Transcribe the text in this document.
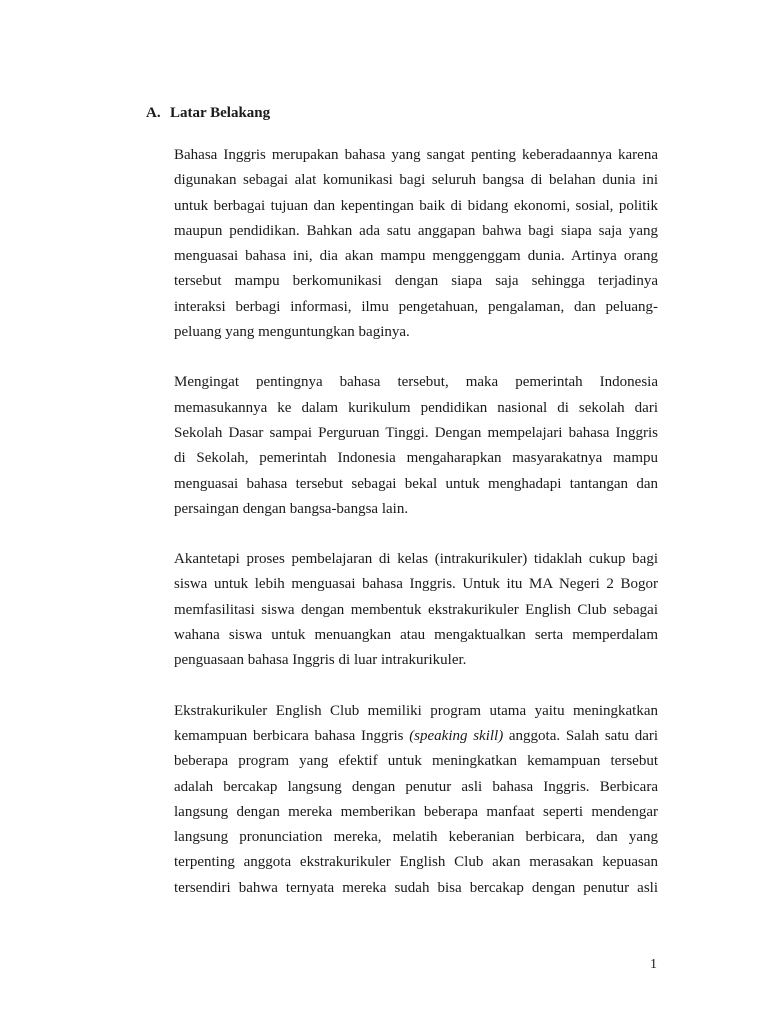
A. Latar Belakang
Bahasa Inggris merupakan bahasa yang sangat penting keberadaannya karena
digunakan sebagai alat komunikasi bagi seluruh bangsa di belahan dunia ini
untuk berbagai tujuan dan kepentingan baik di bidang ekonomi, sosial, politik
maupun pendidikan. Bahkan ada satu anggapan bahwa bagi siapa saja yang
menguasai bahasa ini, dia akan mampu menggenggam dunia. Artinya orang
tersebut mampu berkomunikasi dengan siapa saja sehingga terjadinya
interaksi berbagi informasi, ilmu pengetahuan, pengalaman, dan peluang-
peluang yang menguntungkan baginya.
Mengingat pentingnya bahasa tersebut, maka pemerintah Indonesia
memasukannya ke dalam kurikulum pendidikan nasional di sekolah dari
Sekolah Dasar sampai Perguruan Tinggi. Dengan mempelajari bahasa Inggris
di Sekolah, pemerintah Indonesia mengaharapkan masyarakatnya mampu
menguasai bahasa tersebut sebagai bekal untuk menghadapi tantangan dan
persaingan dengan bangsa-bangsa lain.
Akantetapi proses pembelajaran di kelas (intrakurikuler) tidaklah cukup bagi
siswa untuk lebih menguasai bahasa Inggris. Untuk itu MA Negeri 2 Bogor
memfasilitasi siswa dengan membentuk ekstrakurikuler English Club sebagai
wahana siswa untuk menuangkan atau mengaktualkan serta memperdalam
penguasaan bahasa Inggris di luar intrakurikuler.
Ekstrakurikuler English Club memiliki program utama yaitu meningkatkan
kemampuan berbicara bahasa Inggris (speaking skill) anggota. Salah satu dari
beberapa program yang efektif untuk meningkatkan kemampuan tersebut
adalah bercakap langsung dengan penutur asli bahasa Inggris. Berbicara
langsung dengan mereka memberikan beberapa manfaat seperti mendengar
langsung pronunciation mereka, melatih keberanian berbicara, dan yang
terpenting anggota ekstrakurikuler English Club akan merasakan kepuasan
tersendiri bahwa ternyata mereka sudah bisa bercakap dengan penutur asli
1
